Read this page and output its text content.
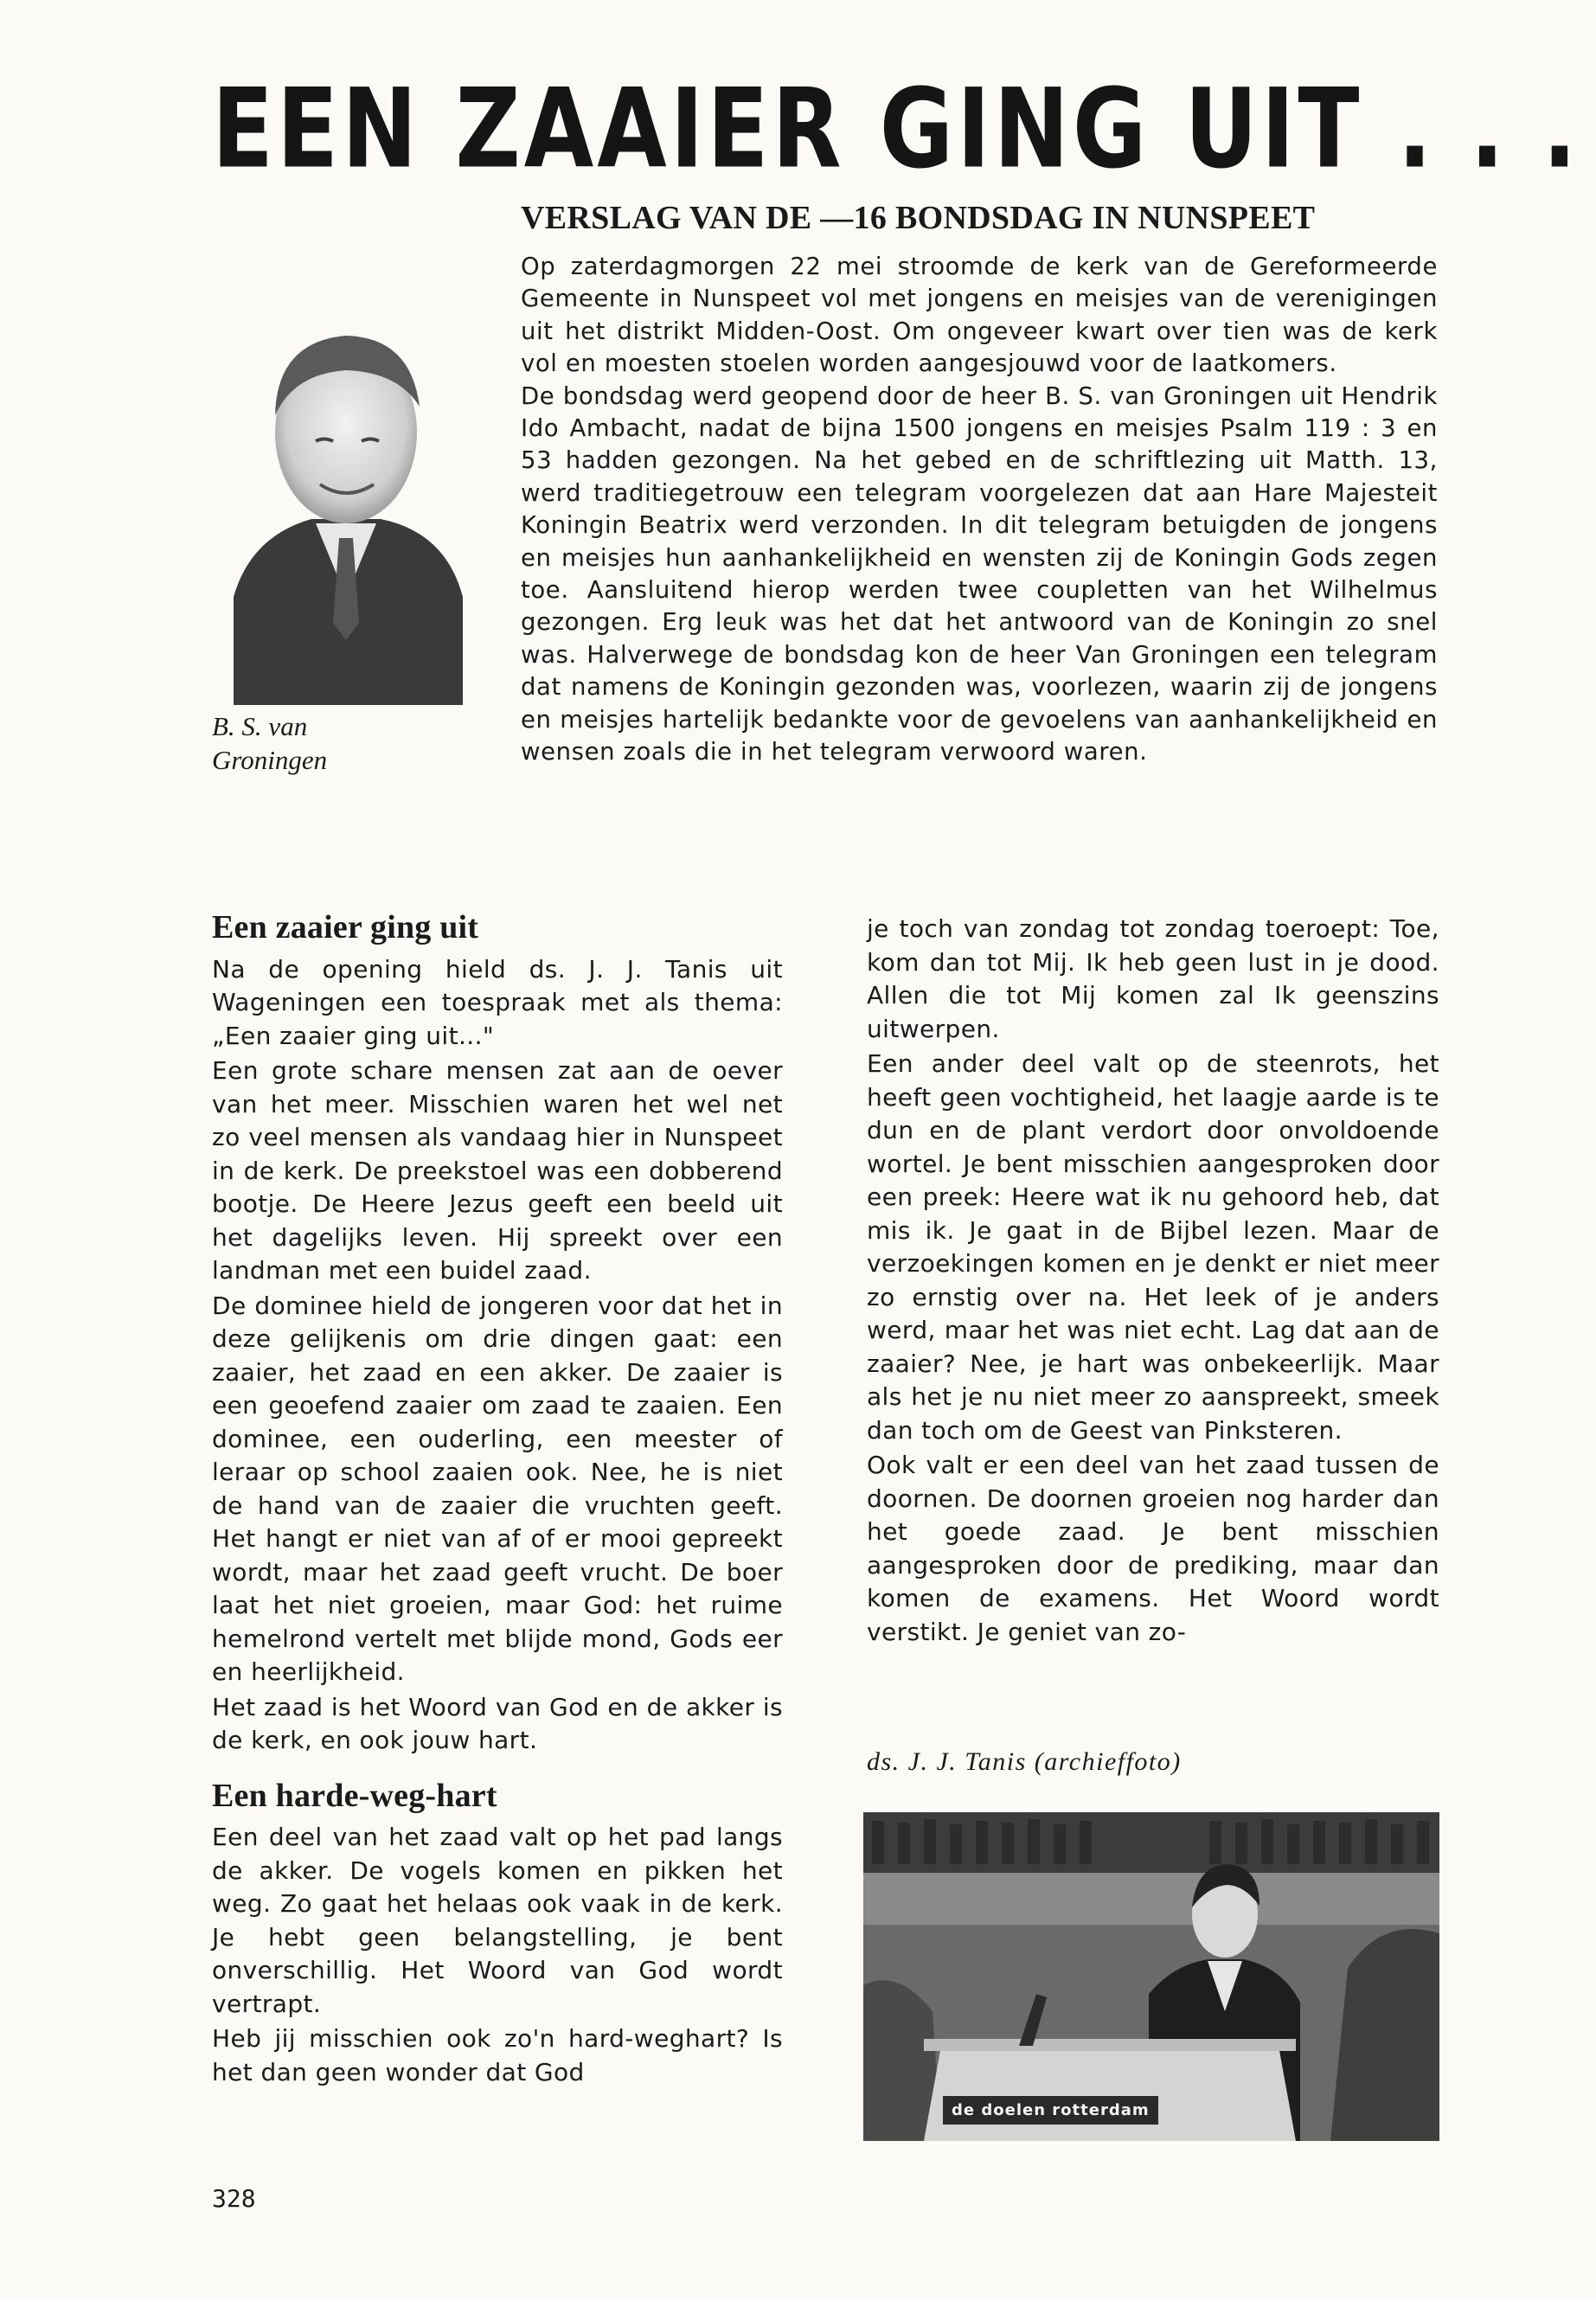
EEN ZAAIER GING UIT . . .
VERSLAG VAN DE —16 BONDSDAG IN NUNSPEET
B. S. van
Groningen

Op zaterdagmorgen 22 mei stroomde de kerk van de Gereformeerde Gemeente in Nunspeet vol met jongens en meisjes van de verenigingen uit het distrikt Midden-Oost. Om ongeveer kwart over tien was de kerk vol en moesten stoelen worden aangesjouwd voor de laatkomers.

De bondsdag werd geopend door de heer B. S. van Groningen uit Hendrik Ido Ambacht, nadat de bijna 1500 jongens en meisjes Psalm 119 : 3 en 53 hadden gezongen. Na het gebed en de schriftlezing uit Matth. 13, werd traditiegetrouw een telegram voorgelezen dat aan Hare Majesteit Koningin Beatrix werd verzonden. In dit telegram betuigden de jongens en meisjes hun aanhankelijkheid en wensten zij de Koningin Gods zegen toe. Aansluitend hierop werden twee coupletten van het Wilhelmus gezongen. Erg leuk was het dat het antwoord van de Koningin zo snel was. Halverwege de bondsdag kon de heer Van Groningen een telegram dat namens de Koningin gezonden was, voorlezen, waarin zij de jongens en meisjes hartelijk bedankte voor de gevoelens van aanhankelijkheid en wensen zoals die in het telegram verwoord waren.

Een zaaier ging uit

Na de opening hield ds. J. J. Tanis uit Wageningen een toespraak met als thema: „Een zaaier ging uit..."

Een grote schare mensen zat aan de oever van het meer. Misschien waren het wel net zo veel mensen als vandaag hier in Nunspeet in de kerk. De preekstoel was een dobberend bootje. De Heere Jezus geeft een beeld uit het dagelijks leven. Hij spreekt over een landman met een buidel zaad.

De dominee hield de jongeren voor dat het in deze gelijkenis om drie dingen gaat: een zaaier, het zaad en een akker. De zaaier is een geoefend zaaier om zaad te zaaien. Een dominee, een ouderling, een meester of leraar op school zaaien ook. Nee, he is niet de hand van de zaaier die vruchten geeft. Het hangt er niet van af of er mooi gepreekt wordt, maar het zaad geeft vrucht. De boer laat het niet groeien, maar God: het ruime hemelrond vertelt met blijde mond, Gods eer en heerlijkheid.

Het zaad is het Woord van God en de akker is de kerk, en ook jouw hart.

Een harde-weg-hart

Een deel van het zaad valt op het pad langs de akker. De vogels komen en pikken het weg. Zo gaat het helaas ook vaak in de kerk. Je hebt geen belangstelling, je bent onverschillig. Het Woord van God wordt vertrapt.

Heb jij misschien ook zo'n hard-weghart? Is het dan geen wonder dat God

je toch van zondag tot zondag toeroept: Toe, kom dan tot Mij. Ik heb geen lust in je dood. Allen die tot Mij komen zal Ik geenszins uitwerpen.

Een ander deel valt op de steenrots, het heeft geen vochtigheid, het laagje aarde is te dun en de plant verdort door onvoldoende wortel. Je bent misschien aangesproken door een preek: Heere wat ik nu gehoord heb, dat mis ik. Je gaat in de Bijbel lezen. Maar de verzoekingen komen en je denkt er niet meer zo ernstig over na. Het leek of je anders werd, maar het was niet echt. Lag dat aan de zaaier? Nee, je hart was onbekeerlijk. Maar als het je nu niet meer zo aanspreekt, smeek dan toch om de Geest van Pinksteren.

Ook valt er een deel van het zaad tussen de doornen. De doornen groeien nog harder dan het goede zaad. Je bent misschien aangesproken door de prediking, maar dan komen de examens. Het Woord wordt verstikt. Je geniet van zo-

ds. J. J. Tanis (archieffoto)
de doelen rotterdam
328
